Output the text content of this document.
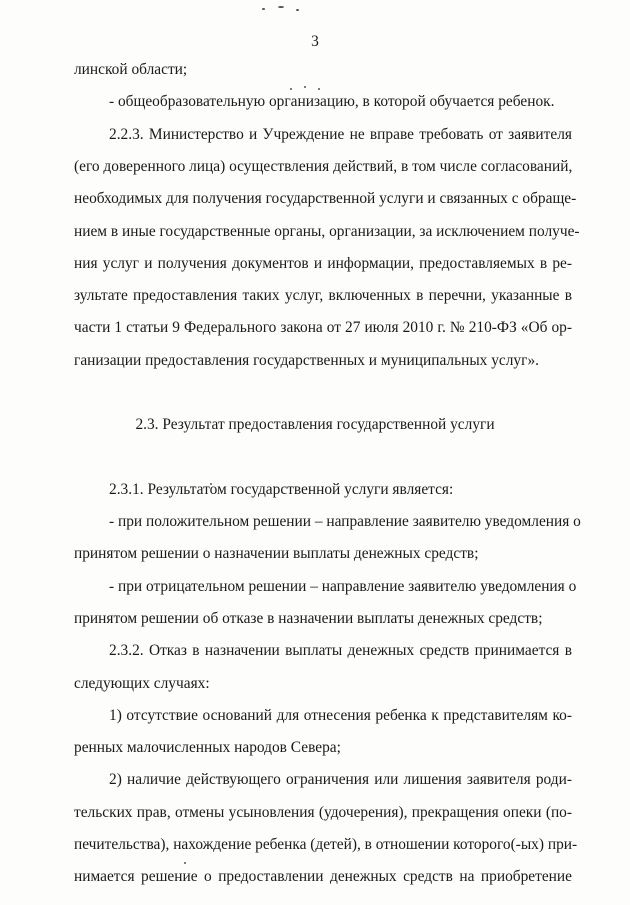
3
линской области;
- общеобразовательную организацию, в которой обучается ребенок.
2.2.3. Министерство и Учреждение не вправе требовать от заявителя
(его доверенного лица) осуществления действий, в том числе согласований,
необходимых для получения государственной услуги и связанных с обраще-
нием в иные государственные органы, организации, за исключением получе-
ния услуг и получения документов и информации, предоставляемых в ре-
зультате предоставления таких услуг, включенных в перечни, указанные в
части 1 статьи 9 Федерального закона от 27 июля 2010 г. № 210-ФЗ «Об ор-
ганизации предоставления государственных и муниципальных услуг».
2.3. Результат предоставления государственной услуги
2.3.1. Результатом государственной услуги является:
- при положительном решении – направление заявителю уведомления о
принятом решении о назначении выплаты денежных средств;
- при отрицательном решении – направление заявителю уведомления о
принятом решении об отказе в назначении выплаты денежных средств;
2.3.2. Отказ в назначении выплаты денежных средств принимается в
следующих случаях:
1) отсутствие оснований для отнесения ребенка к представителям ко-
ренных малочисленных народов Севера;
2) наличие действующего ограничения или лишения заявителя роди-
тельских прав, отмены усыновления (удочерения), прекращения опеки (по-
печительства), нахождение ребенка (детей), в отношении которого(-ых) при-
нимается решение о предоставлении денежных средств на приобретение
